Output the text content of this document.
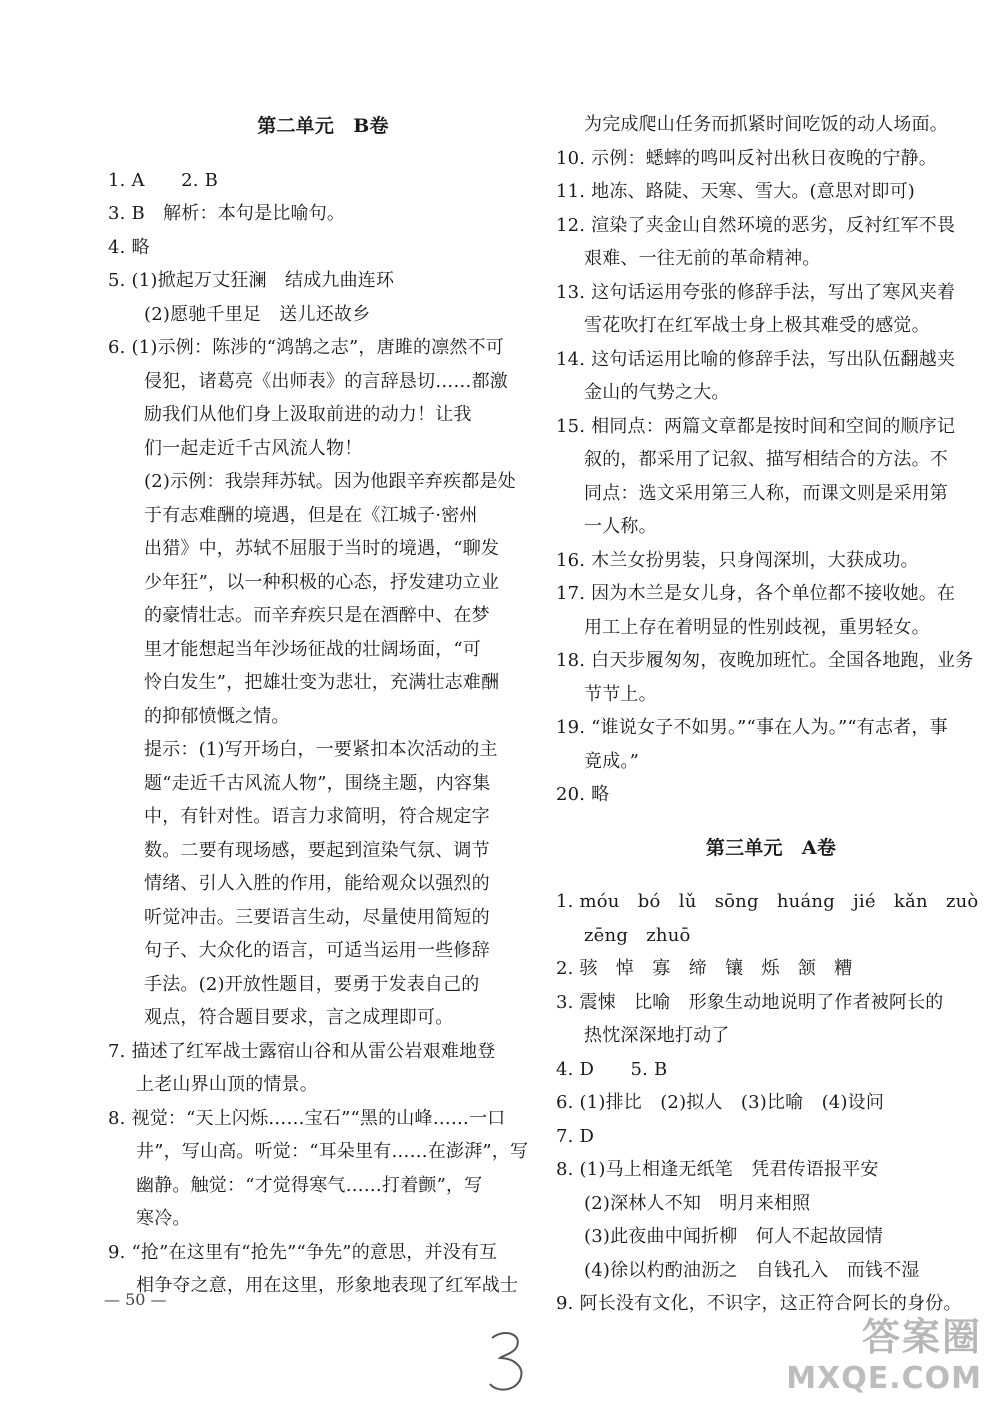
第二单元　B卷
1. A　　2. B
3. B　解析：本句是比喻句。
4. 略
5. (1)掀起万丈狂澜　结成九曲连环
(2)愿驰千里足　送儿还故乡
6. (1)示例：陈涉的“鸿鹄之志”，唐雎的凛然不可
侵犯，诸葛亮《出师表》的言辞恳切……都激
励我们从他们身上汲取前进的动力！让我
们一起走近千古风流人物！
(2)示例：我崇拜苏轼。因为他跟辛弃疾都是处
于有志难酬的境遇，但是在《江城子·密州
出猎》中，苏轼不屈服于当时的境遇，“聊发
少年狂”，以一种积极的心态，抒发建功立业
的豪情壮志。而辛弃疾只是在酒醉中、在梦
里才能想起当年沙场征战的壮阔场面，“可
怜白发生”，把雄壮变为悲壮，充满壮志难酬
的抑郁愤慨之情。
提示：(1)写开场白，一要紧扣本次活动的主
题“走近千古风流人物”，围绕主题，内容集
中，有针对性。语言力求简明，符合规定字
数。二要有现场感，要起到渲染气氛、调节
情绪、引人入胜的作用，能给观众以强烈的
听觉冲击。三要语言生动，尽量使用简短的
句子、大众化的语言，可适当运用一些修辞
手法。(2)开放性题目，要勇于发表自己的
观点，符合题目要求，言之成理即可。
7. 描述了红军战士露宿山谷和从雷公岩艰难地登
上老山界山顶的情景。
8. 视觉：“天上闪烁……宝石”“黑的山峰……一口
井”，写山高。听觉：“耳朵里有……在澎湃”，写
幽静。触觉：“才觉得寒气……打着颤”，写
寒冷。
9. “抢”在这里有“抢先”“争先”的意思，并没有互
相争夺之意，用在这里，形象地表现了红军战士
为完成爬山任务而抓紧时间吃饭的动人场面。
10. 示例：蟋蟀的鸣叫反衬出秋日夜晚的宁静。
11. 地冻、路陡、天寒、雪大。(意思对即可)
12. 渲染了夹金山自然环境的恶劣，反衬红军不畏
艰难、一往无前的革命精神。
13. 这句话运用夸张的修辞手法，写出了寒风夹着
雪花吹打在红军战士身上极其难受的感觉。
14. 这句话运用比喻的修辞手法，写出队伍翻越夹
金山的气势之大。
15. 相同点：两篇文章都是按时间和空间的顺序记
叙的，都采用了记叙、描写相结合的方法。不
同点：选文采用第三人称，而课文则是采用第
一人称。
16. 木兰女扮男装，只身闯深圳，大获成功。
17. 因为木兰是女儿身，各个单位都不接收她。在
用工上存在着明显的性别歧视，重男轻女。
18. 白天步履匆匆，夜晚加班忙。全国各地跑，业务
节节上。
19. “谁说女子不如男。”“事在人为。”“有志者，事
竟成。”
20. 略
第三单元　A卷
1. móu　bó　lǔ　sōng　huáng　jié　kǎn　zuò
zēng　zhuō
2. 骇　悼　寡　缔　镶　烁　颔　糟
3. 震悚　比喻　形象生动地说明了作者被阿长的
热忱深深地打动了
4. D　　5. B
6. (1)排比　(2)拟人　(3)比喻　(4)设问
7. D
8. (1)马上相逢无纸笔　凭君传语报平安
(2)深林人不知　明月来相照
(3)此夜曲中闻折柳　何人不起故园情
(4)徐以杓酌油沥之　自钱孔入　而钱不湿
9. 阿长没有文化，不识字，这正符合阿长的身份。
— 50 —
答案圈
MXQE.COM
